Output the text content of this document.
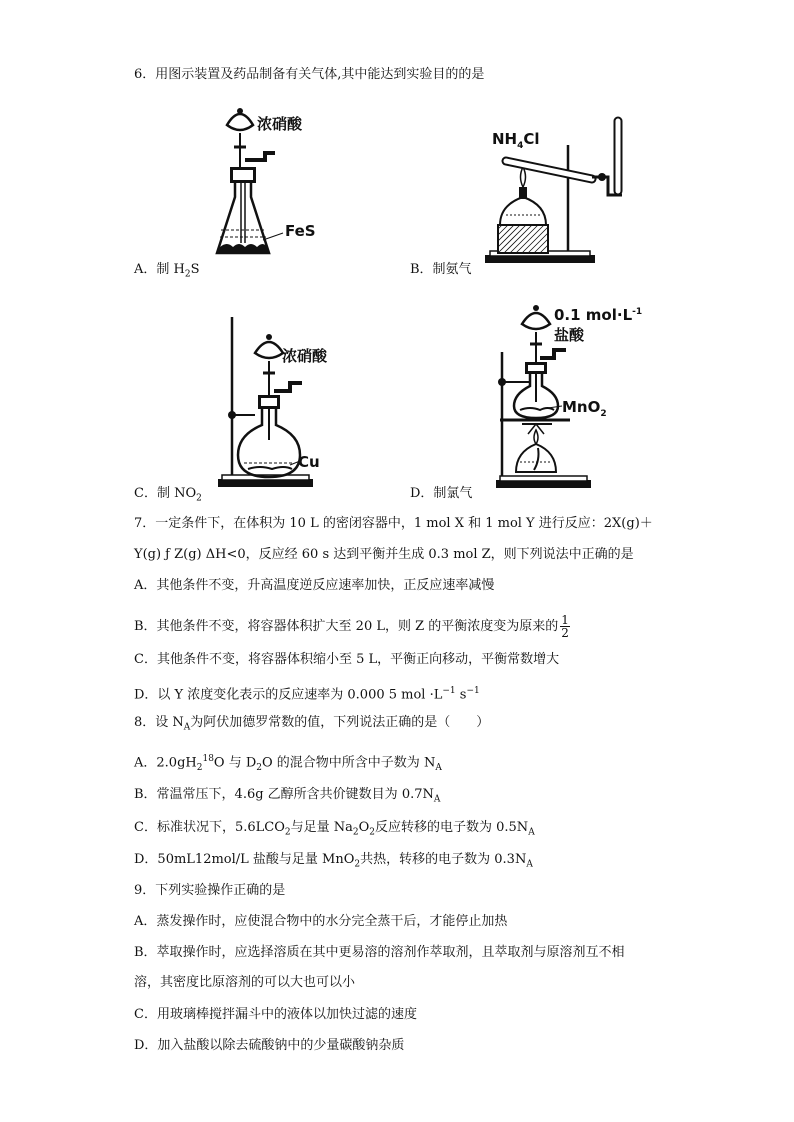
6．用图示装置及药品制备有关气体,其中能达到实验目的的是
浓硝酸
FeS
A．制 $H_2S$
$NH_4Cl$
B．制氨气
浓硝酸
Cu
C．制 $NO_2$
0.1 $mol\cdot L^{-1}$
盐酸
MnO$_2$
D．制氯气
7．一定条件下，在体积为 10 L 的密闭容器中，1 mol X 和 1 mol Y 进行反应：2X(g)＋
Y(g) ƒ Z(g) ΔH<0，反应经 60 s 达到平衡并生成 0.3 mol Z，则下列说法中正确的是
A．其他条件不变，升高温度逆反应速率加快，正反应速率减慢
B．其他条件不变，将容器体积扩大至 20 L，则 Z 的平衡浓度变为原来的 $\frac{1}{2}$
C．其他条件不变，将容器体积缩小至 5 L，平衡正向移动，平衡常数增大
D．以 Y 浓度变化表示的反应速率为 0.000 5 mol $\cdot L^{-1}$ $s^{-1}$
8．设 $N_A$为阿伏加德罗常数的值，下列说法正确的是（　　）
A．$2.0gH_2^{18}O$ 与 $D_2O$ 的混合物中所含中子数为 $N_A$
B．常温常压下，4.6g 乙醇所含共价键数目为 $0.7N_A$
C．标准状况下，$5.6LCO_2$与足量 $Na_2O_2$反应转移的电子数为 $0.5N_A$
D．50mL12mol/L 盐酸与足量 MnO$_2$共热，转移的电子数为 $0.3N_A$
9．下列实验操作正确的是
A．蒸发操作时，应使混合物中的水分完全蒸干后，才能停止加热
B．萃取操作时，应选择溶质在其中更易溶的溶剂作萃取剂，且萃取剂与原溶剂互不相
溶，其密度比原溶剂的可以大也可以小
C．用玻璃棒搅拌漏斗中的液体以加快过滤的速度
D．加入盐酸以除去硫酸钠中的少量碳酸钠杂质
